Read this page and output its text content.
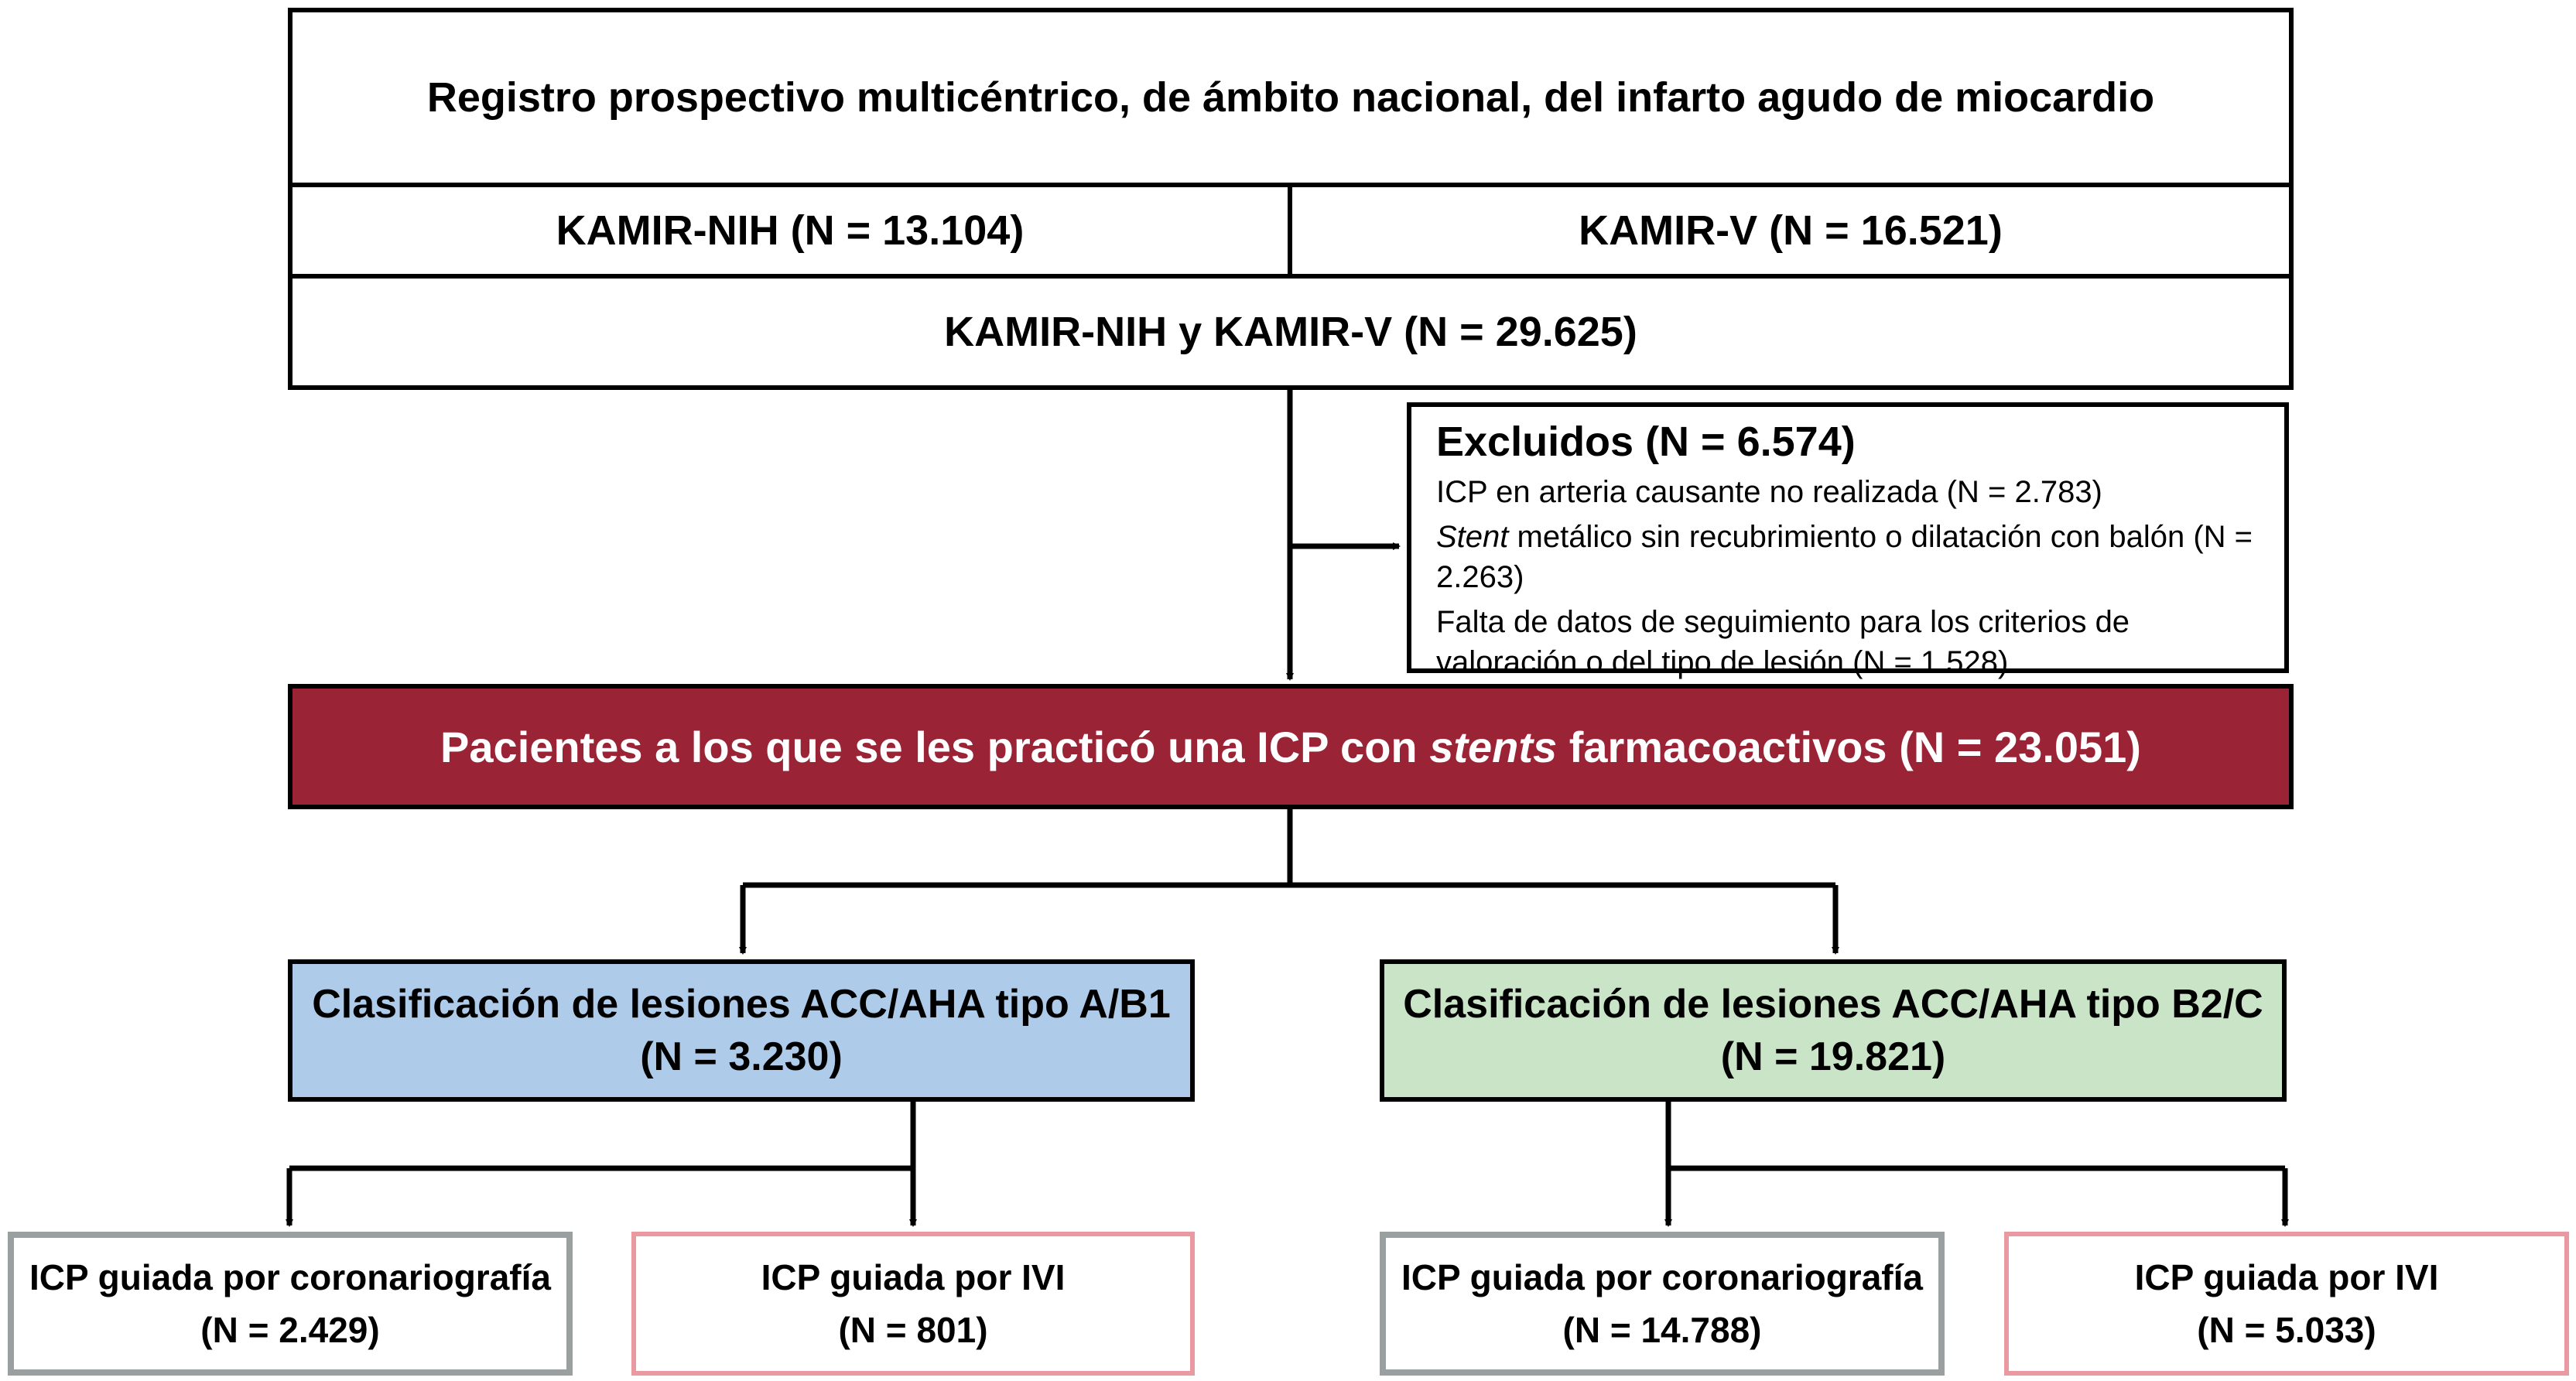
Registro prospectivo multicéntrico, de ámbito nacional, del infarto agudo de miocardio
KAMIR-NIH (N = 13.104)	KAMIR-V (N = 16.521)
KAMIR-NIH y KAMIR-V (N = 29.625)
Excluidos (N = 6.574)
ICP en arteria causante no realizada (N = 2.783)
Stent metálico sin recubrimiento o dilatación con balón (N = 2.263)
Falta de datos de seguimiento para los criterios de valoración o del tipo de lesión (N = 1.528)
Pacientes a los que se les practicó una ICP con stents farmacoactivos (N = 23.051)
Clasificación de lesiones ACC/AHA tipo A/B1
(N = 3.230)
Clasificación de lesiones ACC/AHA tipo B2/C
(N = 19.821)
ICP guiada por coronariografía
(N = 2.429)
ICP guiada por IVI
(N = 801)
ICP guiada por coronariografía
(N = 14.788)
ICP guiada por IVI
(N = 5.033)
